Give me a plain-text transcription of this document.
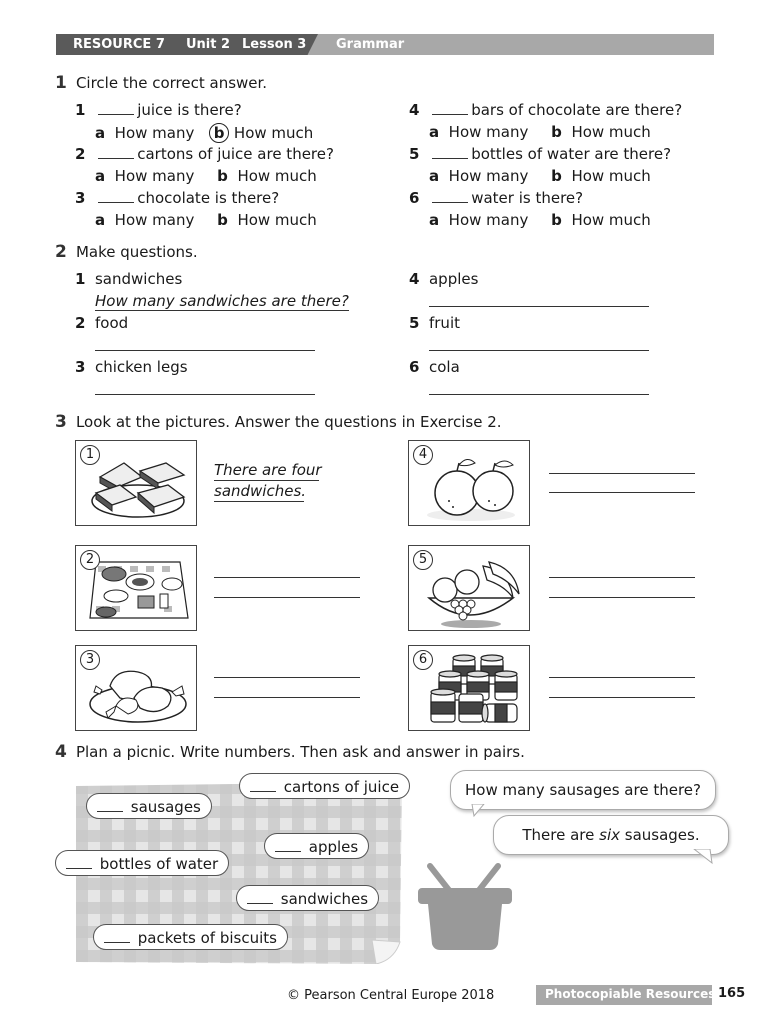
RESOURCE 7 Unit 2 Lesson 3 Grammar
1 Circle the correct answer.
1	juice is there?
a How many b How much
2	cartons of juice are there?
a How many b How much
3	chocolate is there?
a How many b How much
4	bars of chocolate are there?
a How many b How much
5	bottles of water are there?
a How many b How much
6	water is there?
a How many b How much
2 Make questions.
1 sandwiches
How many sandwiches are there?
2 food
3 chicken legs
4 apples
5 fruit
6 cola
3 Look at the pictures. Answer the questions in Exercise 2.
1
There are four
sandwiches.
2
3
4
5
6
4 Plan a picnic. Write numbers. Then ask and answer in pairs.
cartons of juice
sausages
apples
bottles of water
sandwiches
packets of biscuits
How many sausages are there?
There are six sausages.
© Pearson Central Europe 2018	Photocopiable Resources 165
